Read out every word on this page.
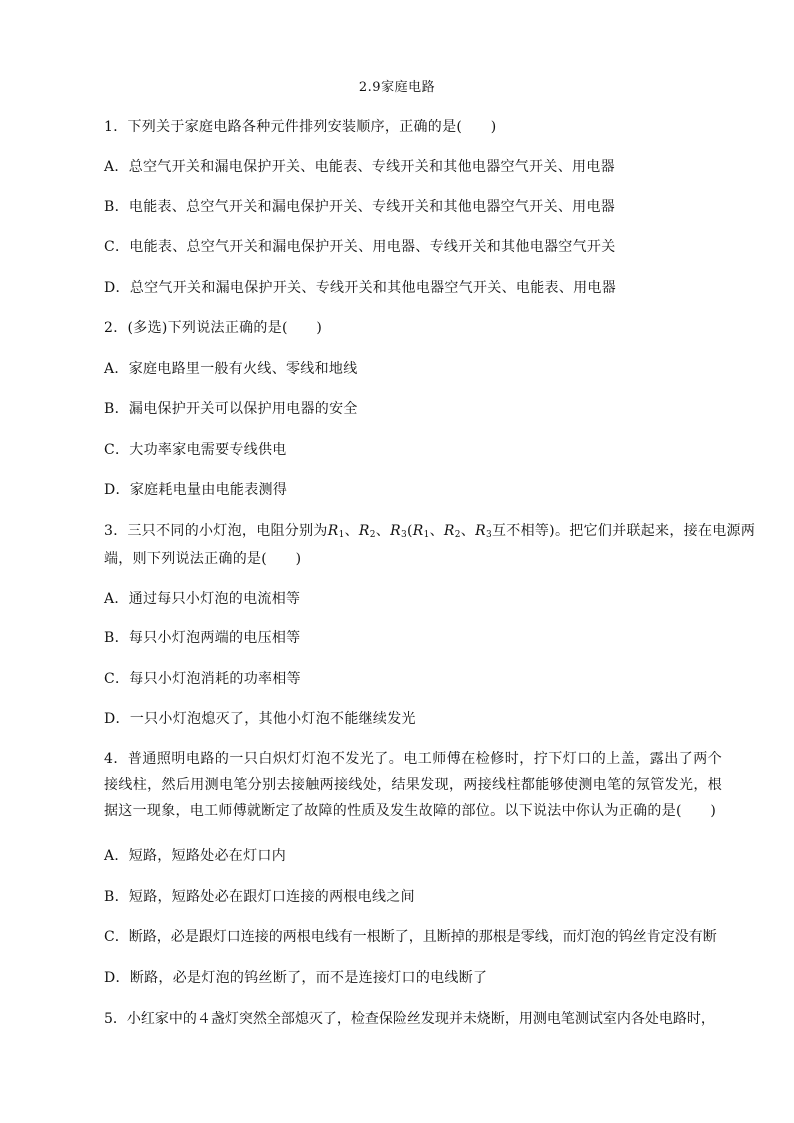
2.9家庭电路
1．下列关于家庭电路各种元件排列安装顺序，正确的是(　　)
A．总空气开关和漏电保护开关、电能表、专线开关和其他电器空气开关、用电器
B．电能表、总空气开关和漏电保护开关、专线开关和其他电器空气开关、用电器
C．电能表、总空气开关和漏电保护开关、用电器、专线开关和其他电器空气开关
D．总空气开关和漏电保护开关、专线开关和其他电器空气开关、电能表、用电器
2．(多选)下列说法正确的是(　　)
A．家庭电路里一般有火线、零线和地线
B．漏电保护开关可以保护用电器的安全
C．大功率家电需要专线供电
D．家庭耗电量由电能表测得
3．三只不同的小灯泡，电阻分别为$R_1$、$R_2$、$R_3(R_1$、$R_2$、$R_3$互不相等)。把它们并联起来，接在电源两
端，则下列说法正确的是(　　)
A．通过每只小灯泡的电流相等
B．每只小灯泡两端的电压相等
C．每只小灯泡消耗的功率相等
D．一只小灯泡熄灭了，其他小灯泡不能继续发光
4．普通照明电路的一只白炽灯灯泡不发光了。电工师傅在检修时，拧下灯口的上盖，露出了两个接线柱，然后用测电笔分别去接触两接线处，结果发现，两接线柱都能够使测电笔的氖管发光，根据这一现象，电工师傅就断定了故障的性质及发生故障的部位。以下说法中你认为正确的是(　　)
A．短路，短路处必在灯口内
B．短路，短路处必在跟灯口连接的两根电线之间
C．断路，必是跟灯口连接的两根电线有一根断了，且断掉的那根是零线，而灯泡的钨丝肯定没有断
D．断路，必是灯泡的钨丝断了，而不是连接灯口的电线断了
5．小红家中的４盏灯突然全部熄灭了，检查保险丝发现并未烧断，用测电笔测试室内各处电路时，
